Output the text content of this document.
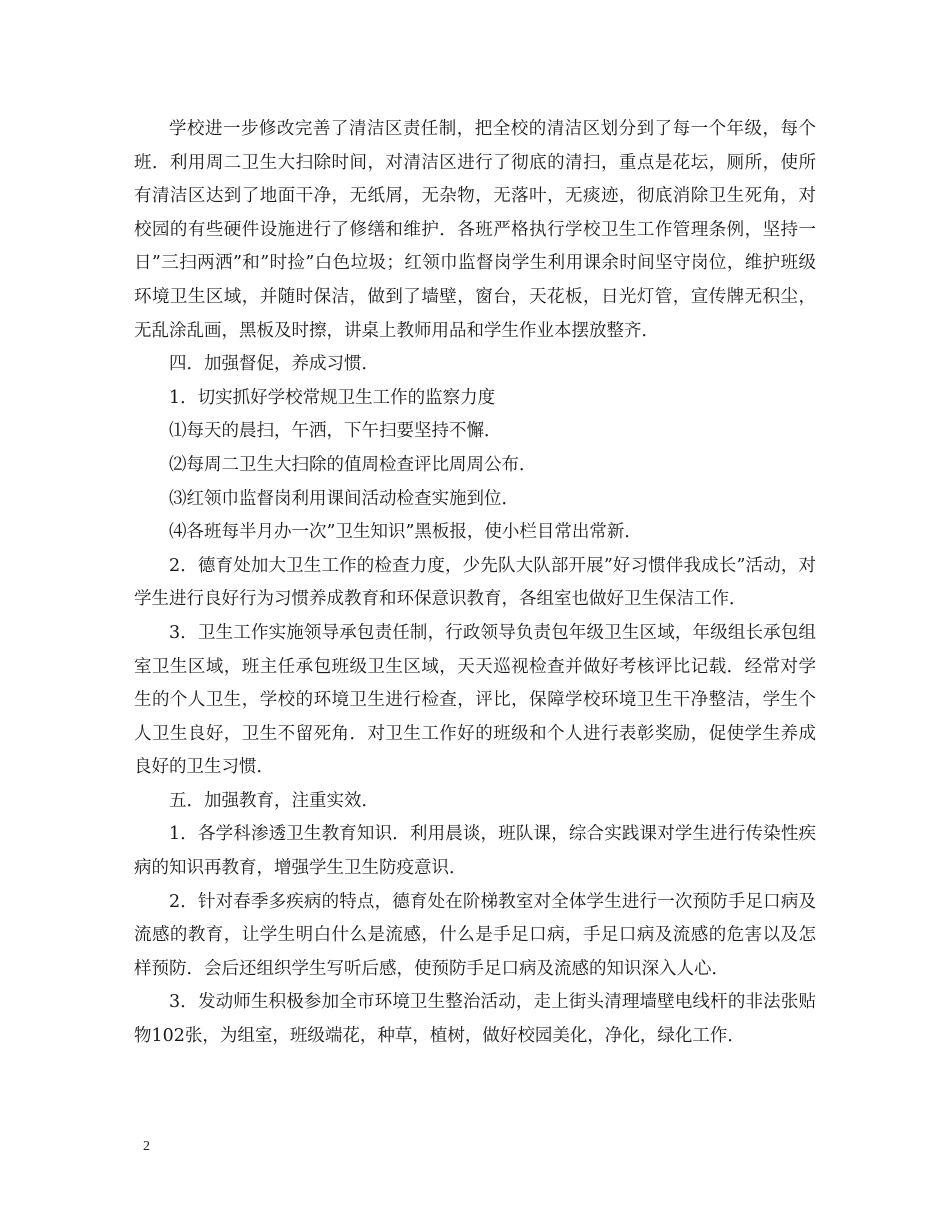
学校进一步修改完善了清洁区责任制，把全校的清洁区划分到了每一个年级，每个班．利用周二卫生大扫除时间，对清洁区进行了彻底的清扫，重点是花坛，厕所，使所有清洁区达到了地面干净，无纸屑，无杂物，无落叶，无痰迹，彻底消除卫生死角，对校园的有些硬件设施进行了修缮和维护．各班严格执行学校卫生工作管理条例，坚持一日”三扫两洒”和”时捡”白色垃圾；红领巾监督岗学生利用课余时间坚守岗位，维护班级环境卫生区域，并随时保洁，做到了墙壁，窗台，天花板，日光灯管，宣传牌无积尘，无乱涂乱画，黑板及时擦，讲桌上教师用品和学生作业本摆放整齐．

四．加强督促，养成习惯．

1．切实抓好学校常规卫生工作的监察力度

⑴每天的晨扫，午洒，下午扫要坚持不懈．

⑵每周二卫生大扫除的值周检查评比周周公布．

⑶红领巾监督岗利用课间活动检查实施到位．

⑷各班每半月办一次”卫生知识”黑板报，使小栏目常出常新．

2．德育处加大卫生工作的检查力度，少先队大队部开展”好习惯伴我成长”活动，对学生进行良好行为习惯养成教育和环保意识教育，各组室也做好卫生保洁工作．

3．卫生工作实施领导承包责任制，行政领导负责包年级卫生区域，年级组长承包组室卫生区域，班主任承包班级卫生区域，天天巡视检查并做好考核评比记载．经常对学生的个人卫生，学校的环境卫生进行检查，评比，保障学校环境卫生干净整洁，学生个人卫生良好，卫生不留死角．对卫生工作好的班级和个人进行表彰奖励，促使学生养成良好的卫生习惯．

五．加强教育，注重实效．

1．各学科渗透卫生教育知识．利用晨谈，班队课，综合实践课对学生进行传染性疾病的知识再教育，增强学生卫生防疫意识．

2．针对春季多疾病的特点，德育处在阶梯教室对全体学生进行一次预防手足口病及流感的教育，让学生明白什么是流感，什么是手足口病，手足口病及流感的危害以及怎样预防．会后还组织学生写听后感，使预防手足口病及流感的知识深入人心．

3．发动师生积极参加全市环境卫生整治活动，走上街头清理墙壁电线杆的非法张贴物102张，为组室，班级端花，种草，植树，做好校园美化，净化，绿化工作．

2
